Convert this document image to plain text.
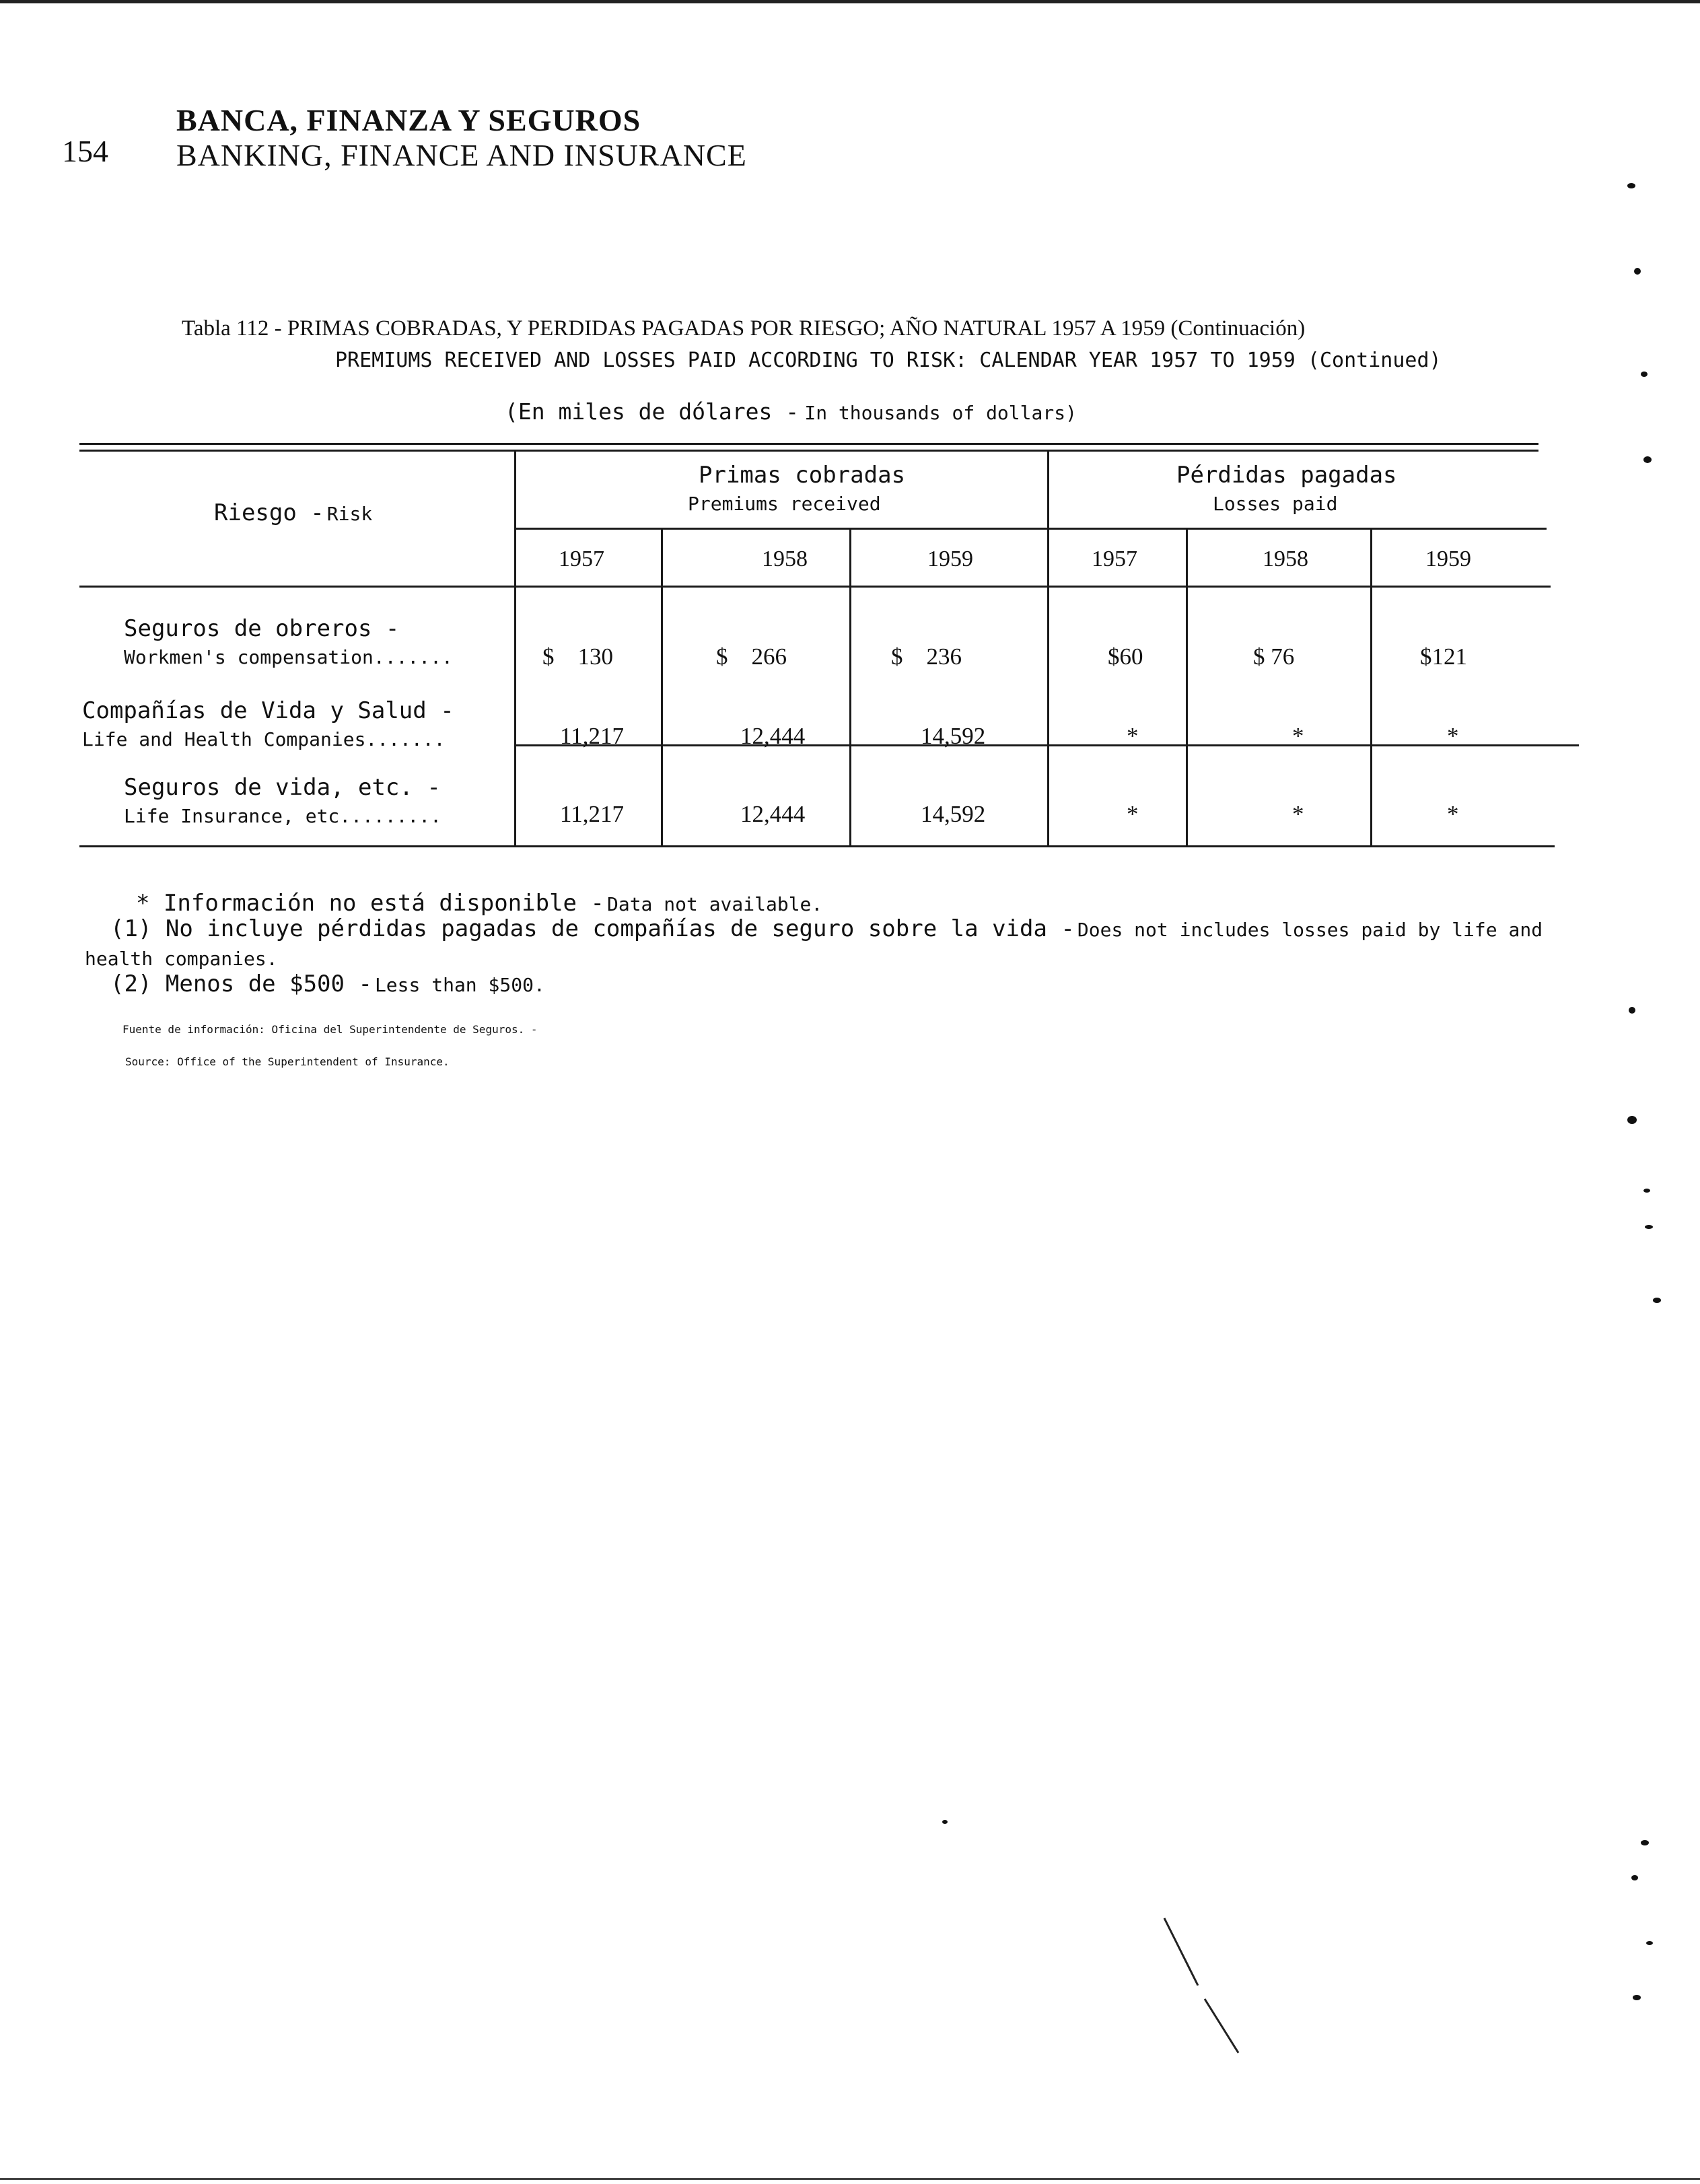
154
BANCA, FINANZA Y SEGUROS
BANKING, FINANCE AND INSURANCE
Tabla 112 - PRIMAS COBRADAS, Y PERDIDAS PAGADAS POR RIESGO; AÑO NATURAL 1957 A 1959 (Continuación)
PREMIUMS RECEIVED AND LOSSES PAID ACCORDING TO RISK: CALENDAR YEAR 1957 TO 1959 (Continued)
(En miles de dólares - In thousands of dollars)
Riesgo - Risk
Primas cobradas
Premiums received
Pérdidas pagadas
Losses paid
1957	1958	1959	1957	1958	1959
Seguros de obreros -
Workmen's compensation.......	$    130	$    266	$    236	$60	$ 76	$121
Compañías de Vida y Salud -
Life and Health Companies.......	11,217	12,444	14,592	*	*	*
Seguros de vida, etc. -
Life Insurance, etc.........	11,217	12,444	14,592	*	*	*
* Información no está disponible - Data not available.
(1) No incluye pérdidas pagadas de compañías de seguro sobre la vida - Does not includes losses paid by life and
health companies.
(2) Menos de $500 - Less than $500.
Fuente de información: Oficina del Superintendente de Seguros. -
Source: Office of the Superintendent of Insurance.
